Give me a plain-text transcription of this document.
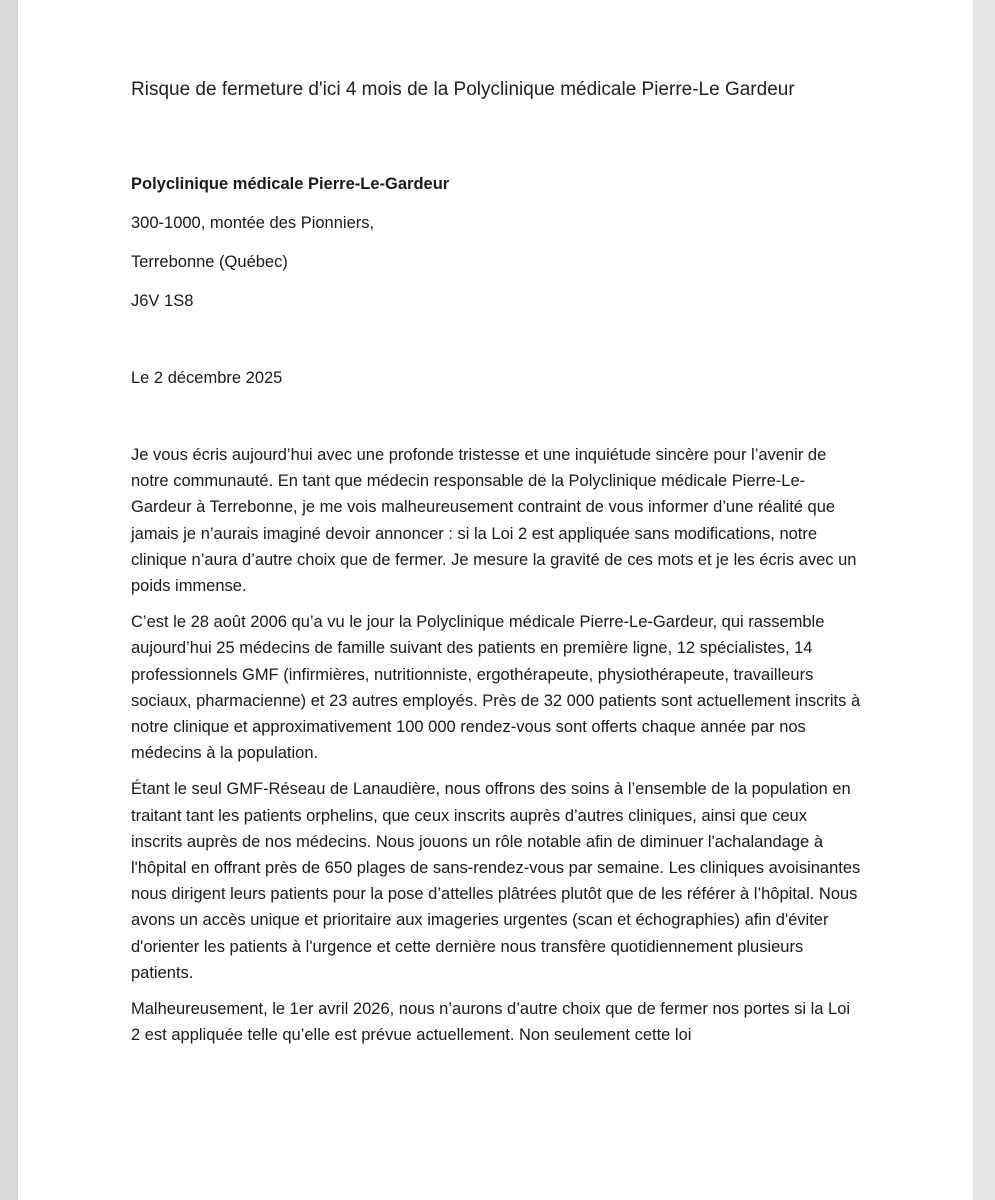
Risque de fermeture d'ici 4 mois de la Polyclinique médicale Pierre-Le Gardeur
Polyclinique médicale Pierre-Le-Gardeur
300-1000, montée des Pionniers,
Terrebonne (Québec)
J6V 1S8
Le 2 décembre 2025

Je vous écris aujourd’hui avec une profonde tristesse et une inquiétude sincère pour l’avenir de notre communauté. En tant que médecin responsable de la Polyclinique médicale Pierre-Le-Gardeur à Terrebonne, je me vois malheureusement contraint de vous informer d’une réalité que jamais je n’aurais imaginé devoir annoncer : si la Loi 2 est appliquée sans modifications, notre clinique n’aura d’autre choix que de fermer. Je mesure la gravité de ces mots et je les écris avec un poids immense.

C’est le 28 août 2006 qu’a vu le jour la Polyclinique médicale Pierre-Le-Gardeur, qui rassemble aujourd’hui 25 médecins de famille suivant des patients en première ligne, 12 spécialistes, 14 professionnels GMF (infirmières, nutritionniste, ergothérapeute, physiothérapeute, travailleurs sociaux, pharmacienne) et 23 autres employés. Près de 32 000 patients sont actuellement inscrits à notre clinique et approximativement 100 000 rendez-vous sont offerts chaque année par nos médecins à la population.

Étant le seul GMF-Réseau de Lanaudière, nous offrons des soins à l’ensemble de la population en traitant tant les patients orphelins, que ceux inscrits auprès d’autres cliniques, ainsi que ceux inscrits auprès de nos médecins. Nous jouons un rôle notable afin de diminuer l'achalandage à l'hôpital en offrant près de 650 plages de sans-rendez-vous par semaine. Les cliniques avoisinantes nous dirigent leurs patients pour la pose d’attelles plâtrées plutôt que de les référer à l’hôpital. Nous avons un accès unique et prioritaire aux imageries urgentes (scan et échographies) afin d'éviter d'orienter les patients à l'urgence et cette dernière nous transfère quotidiennement plusieurs patients.

Malheureusement, le 1er avril 2026, nous n’aurons d’autre choix que de fermer nos portes si la Loi 2 est appliquée telle qu’elle est prévue actuellement. Non seulement cette loi
